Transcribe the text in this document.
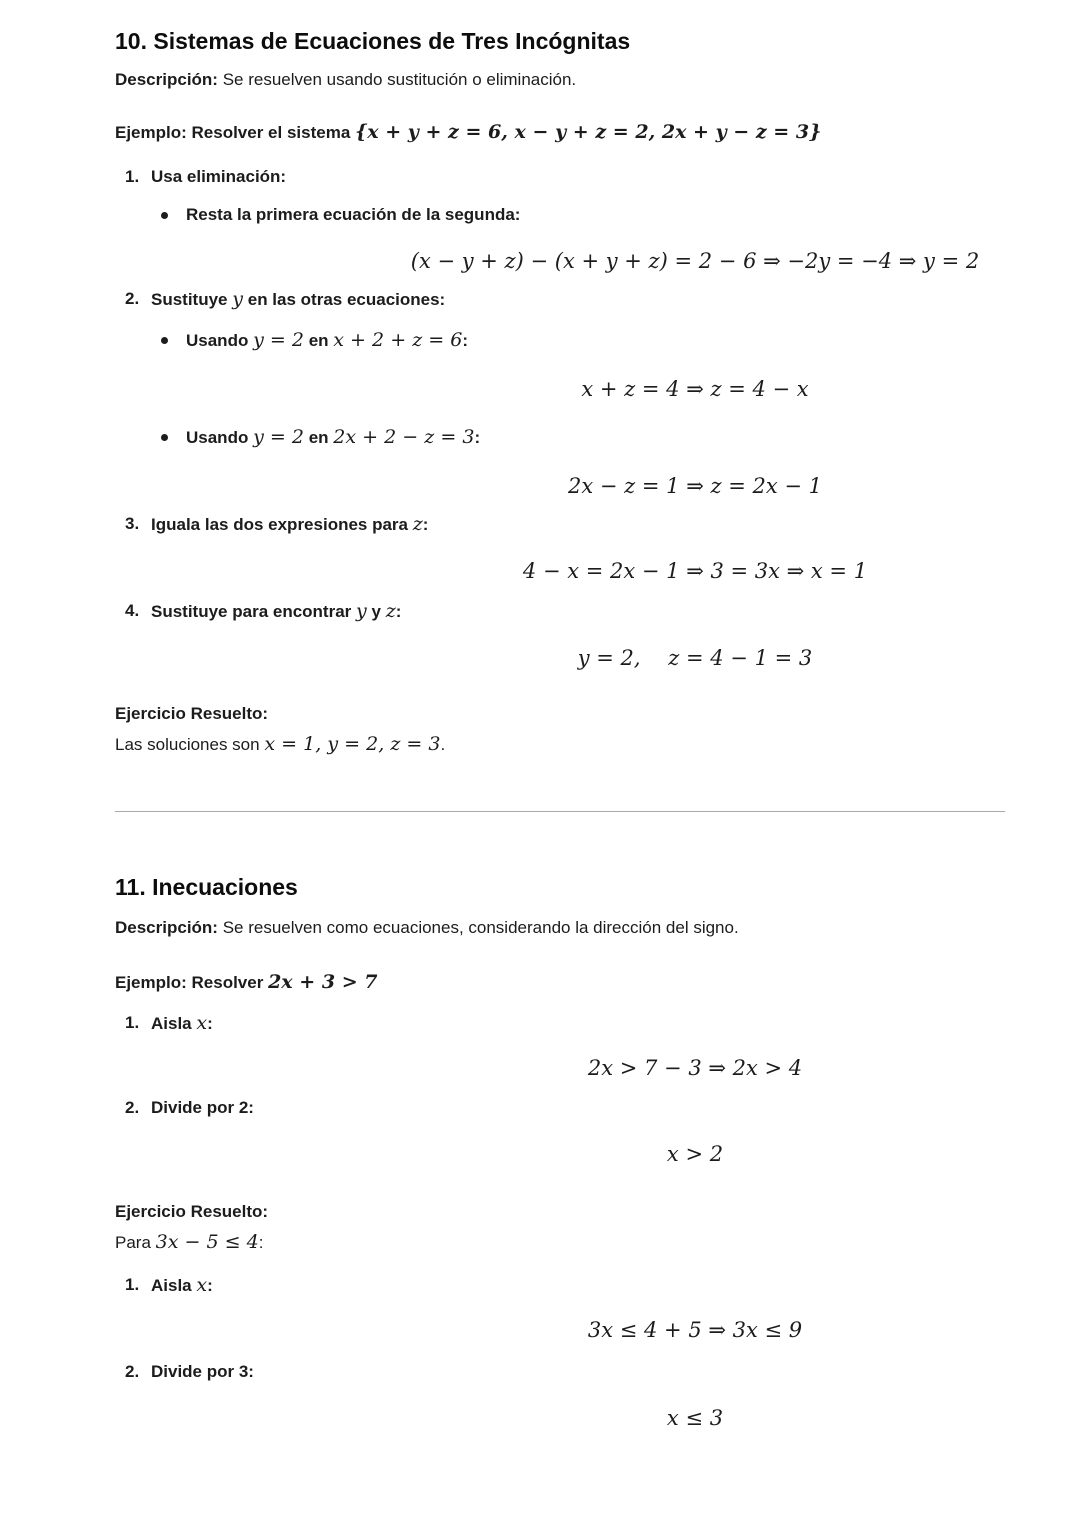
10. Sistemas de Ecuaciones de Tres Incógnitas

Descripción: Se resuelven usando sustitución o eliminación.

Ejemplo: Resolver el sistema {x + y + z = 6, x − y + z = 2, 2x + y − z = 3}

1. Usa eliminación:
Resta la primera ecuación de la segunda:
(x − y + z) − (x + y + z) = 2 − 6 ⇒ −2y = −4 ⇒ y = 2
2. Sustituye y en las otras ecuaciones:
Usando y = 2 en x + 2 + z = 6:
x + z = 4 ⇒ z = 4 − x
Usando y = 2 en 2x + 2 − z = 3:
2x − z = 1 ⇒ z = 2x − 1
3. Iguala las dos expresiones para z:
4 − x = 2x − 1 ⇒ 3 = 3x ⇒ x = 1
4. Sustituye para encontrar y y z:
y = 2,  z = 4 − 1 = 3

Ejercicio Resuelto:

Las soluciones son x = 1, y = 2, z = 3.

11. Inecuaciones

Descripción: Se resuelven como ecuaciones, considerando la dirección del signo.

Ejemplo: Resolver 2x + 3 > 7

1. Aisla x:
2x > 7 − 3 ⇒ 2x > 4
2. Divide por 2:
x > 2

Ejercicio Resuelto:

Para 3x − 5 ≤ 4:

1. Aisla x:
3x ≤ 4 + 5 ⇒ 3x ≤ 9
2. Divide por 3:
x ≤ 3
